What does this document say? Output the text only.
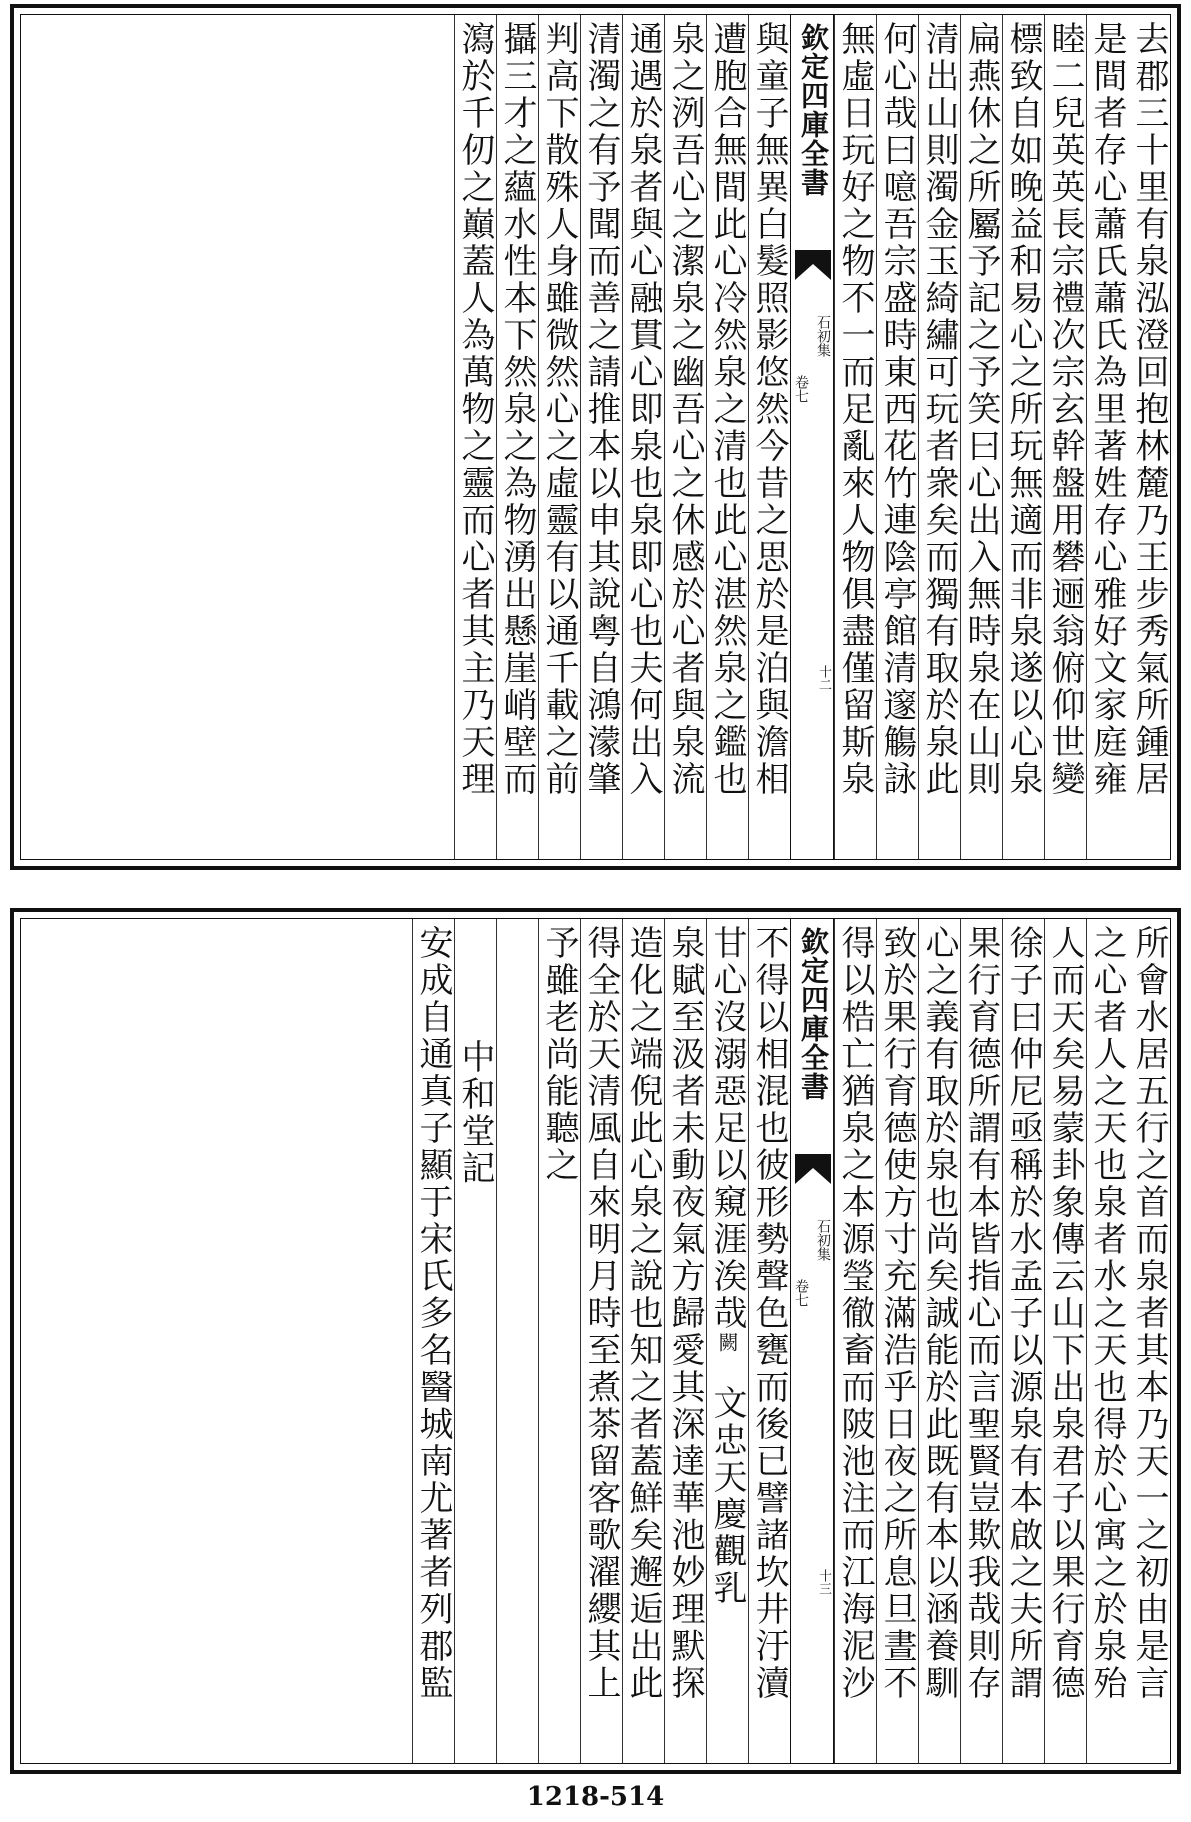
去郡三十里有泉泓澄回抱林麓乃王步秀氣所鍾居
是間者存心蕭氏蕭氏為里著姓存心雅好文家庭雍
睦二兒英英長宗禮次宗玄幹盤用礬逦翁俯仰世變
標致自如晚益和易心之所玩無適而非泉遂以心泉
扁燕休之所屬予記之予笑曰心出入無時泉在山則
清出山則濁金玉綺繡可玩者衆矣而獨有取於泉此
何心哉曰噫吾宗盛時東西花竹連陰亭館清邃觴詠
無虛日玩好之物不一而足亂來人物俱盡僅留斯泉
欽定四庫全書
石初集
卷七
十二
與童子無異白髮照影悠然今昔之思於是泊與澹相
遭胞合無間此心冷然泉之清也此心湛然泉之鑑也
泉之洌吾心之潔泉之幽吾心之休感於心者與泉流
通遇於泉者與心融貫心即泉也泉即心也夫何出入
清濁之有予聞而善之請推本以申其說粤自鴻濛肇
判高下散殊人身雖微然心之虛靈有以通千載之前
攝三才之蘊水性本下然泉之為物湧出懸崖峭壁而
瀉於千仞之巔蓋人為萬物之靈而心者其主乃天理
所會水居五行之首而泉者其本乃天一之初由是言
之心者人之天也泉者水之天也得於心寓之於泉殆
人而天矣易蒙卦象傳云山下出泉君子以果行育德
徐子曰仲尼亟稱於水孟子以源泉有本啟之夫所謂
果行育德所謂有本皆指心而言聖賢豈欺我哉則存
心之義有取於泉也尚矣誠能於此既有本以涵養馴
致於果行育德使方寸充滿浩乎日夜之所息旦晝不
得以梏亡猶泉之本源瑩徹畜而陂池注而江海泥沙
欽定四庫全書
石初集
卷七
十三
不得以相混也彼形勢聲色甕而後已譬諸坎井汙瀆
甘心沒溺惡足以窺涯涘哉闕文忠天慶觀乳
泉賦至汲者未動夜氣方歸愛其深達華池妙理默探
造化之端倪此心泉之說也知之者蓋鮮矣邂逅出此
得全於天清風自來明月時至煮茶留客歌濯纓其上
予雖老尚能聽之
中和堂記
安成自通真子顯于宋氏多名醫城南尤著者列郡監
1218-514
